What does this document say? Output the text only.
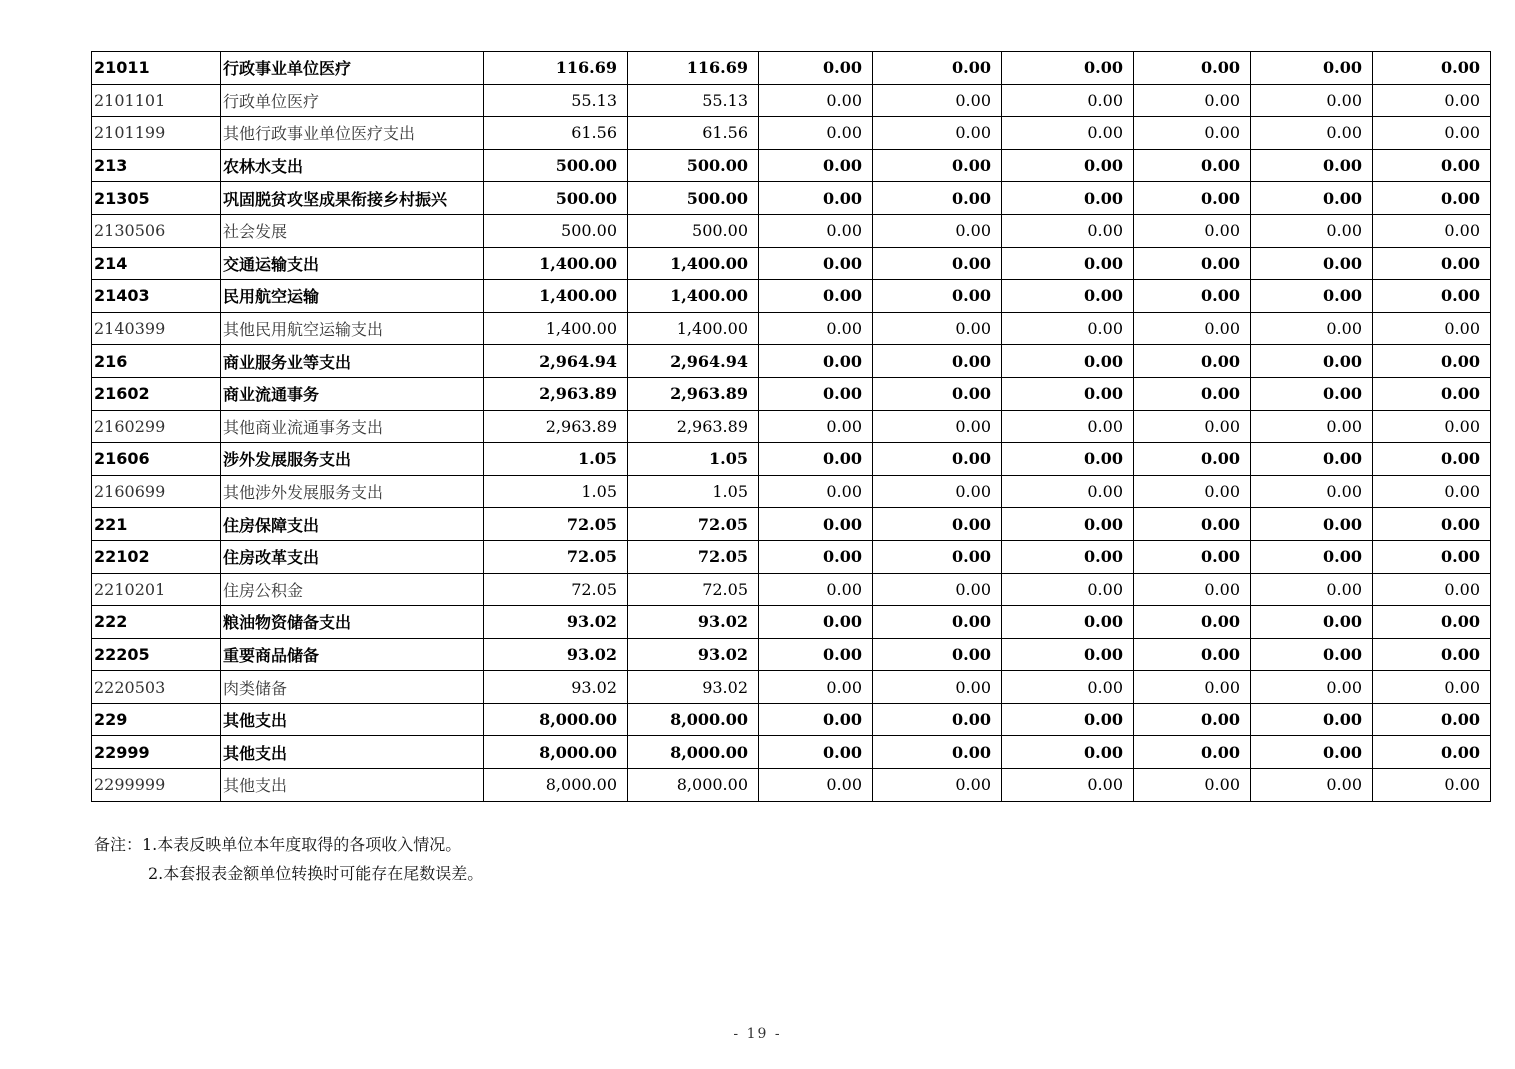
21011	行政事业单位医疗	116.69	116.69	0.00	0.00	0.00	0.00	0.00	0.00
2101101	行政单位医疗	55.13	55.13	0.00	0.00	0.00	0.00	0.00	0.00
2101199	其他行政事业单位医疗支出	61.56	61.56	0.00	0.00	0.00	0.00	0.00	0.00
213	农林水支出	500.00	500.00	0.00	0.00	0.00	0.00	0.00	0.00
21305	巩固脱贫攻坚成果衔接乡村振兴	500.00	500.00	0.00	0.00	0.00	0.00	0.00	0.00
2130506	社会发展	500.00	500.00	0.00	0.00	0.00	0.00	0.00	0.00
214	交通运输支出	1,400.00	1,400.00	0.00	0.00	0.00	0.00	0.00	0.00
21403	民用航空运输	1,400.00	1,400.00	0.00	0.00	0.00	0.00	0.00	0.00
2140399	其他民用航空运输支出	1,400.00	1,400.00	0.00	0.00	0.00	0.00	0.00	0.00
216	商业服务业等支出	2,964.94	2,964.94	0.00	0.00	0.00	0.00	0.00	0.00
21602	商业流通事务	2,963.89	2,963.89	0.00	0.00	0.00	0.00	0.00	0.00
2160299	其他商业流通事务支出	2,963.89	2,963.89	0.00	0.00	0.00	0.00	0.00	0.00
21606	涉外发展服务支出	1.05	1.05	0.00	0.00	0.00	0.00	0.00	0.00
2160699	其他涉外发展服务支出	1.05	1.05	0.00	0.00	0.00	0.00	0.00	0.00
221	住房保障支出	72.05	72.05	0.00	0.00	0.00	0.00	0.00	0.00
22102	住房改革支出	72.05	72.05	0.00	0.00	0.00	0.00	0.00	0.00
2210201	住房公积金	72.05	72.05	0.00	0.00	0.00	0.00	0.00	0.00
222	粮油物资储备支出	93.02	93.02	0.00	0.00	0.00	0.00	0.00	0.00
22205	重要商品储备	93.02	93.02	0.00	0.00	0.00	0.00	0.00	0.00
2220503	肉类储备	93.02	93.02	0.00	0.00	0.00	0.00	0.00	0.00
229	其他支出	8,000.00	8,000.00	0.00	0.00	0.00	0.00	0.00	0.00
22999	其他支出	8,000.00	8,000.00	0.00	0.00	0.00	0.00	0.00	0.00
2299999	其他支出	8,000.00	8,000.00	0.00	0.00	0.00	0.00	0.00	0.00
备注：1.本表反映单位本年度取得的各项收入情况。
2.本套报表金额单位转换时可能存在尾数误差。
- 19 -
